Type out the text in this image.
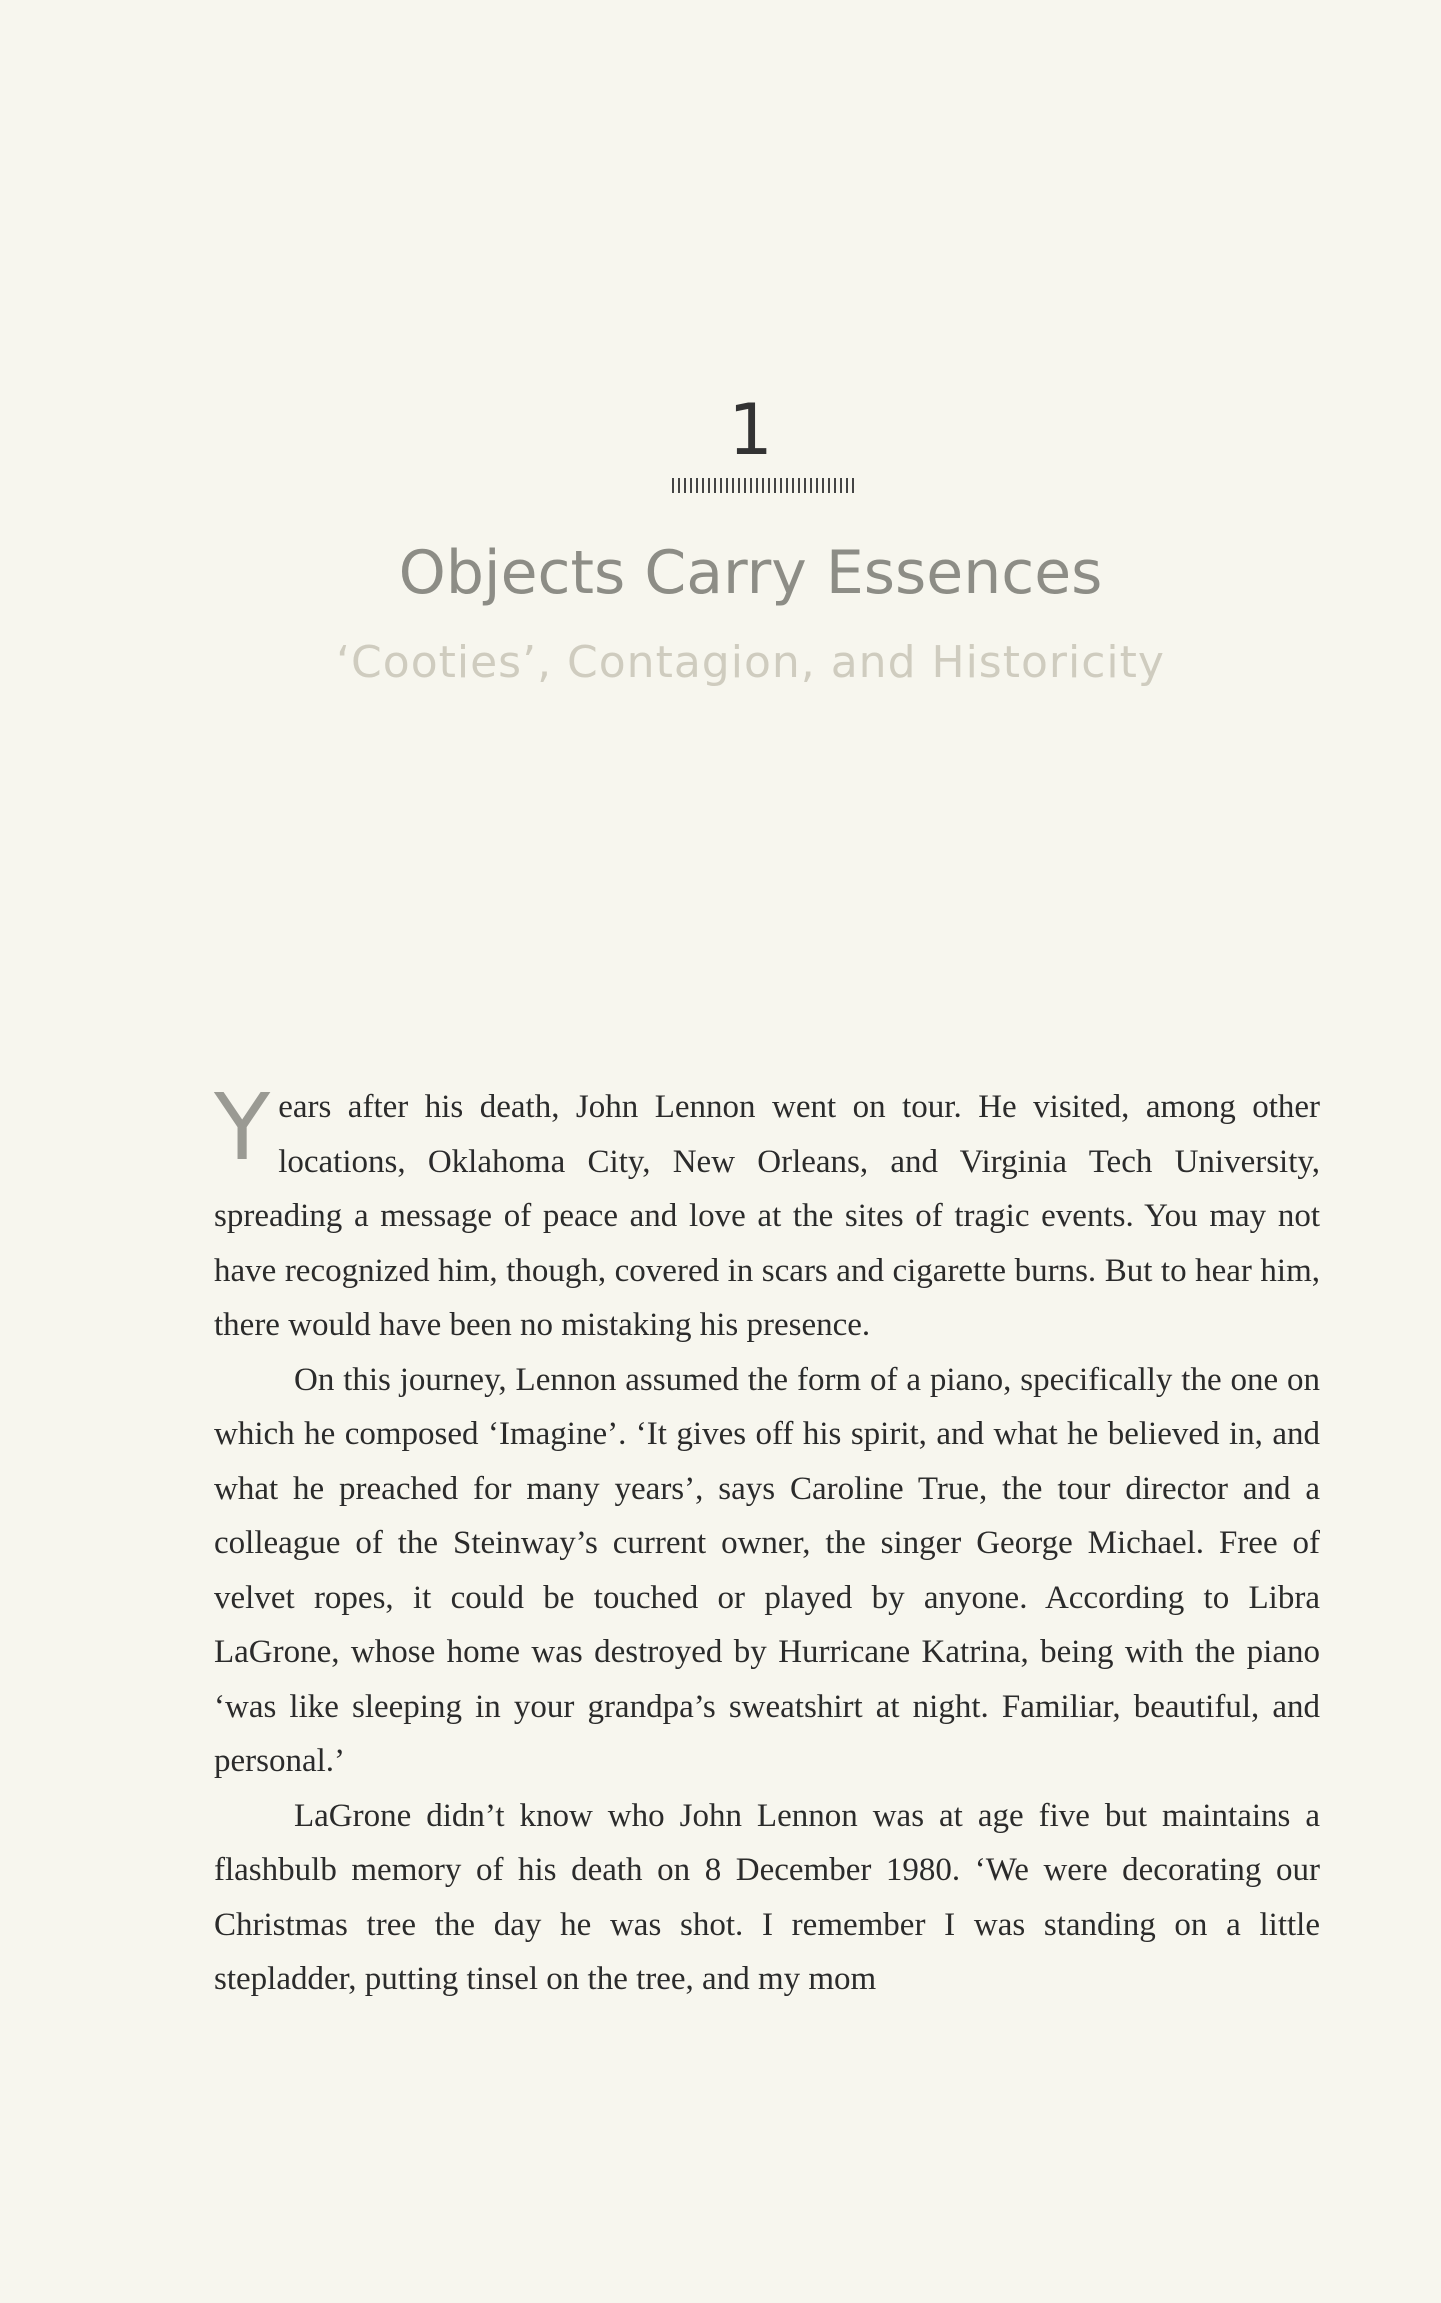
1
Objects Carry Essences
‘Cooties’, Contagion, and Historicity

Years after his death, John Lennon went on tour. He visited, among other locations, Oklahoma City, New Orleans, and Virginia Tech University, spreading a message of peace and love at the sites of tragic events. You may not have recognized him, though, covered in scars and cigarette burns. But to hear him, there would have been no mistaking his presence.

On this journey, Lennon assumed the form of a piano, specifically the one on which he composed ‘Imagine’. ‘It gives off his spirit, and what he believed in, and what he preached for many years’, says Caroline True, the tour director and a colleague of the Steinway’s current owner, the singer George Michael. Free of velvet ropes, it could be touched or played by anyone. According to Libra LaGrone, whose home was destroyed by Hurricane Katrina, being with the piano ‘was like sleeping in your grandpa’s sweatshirt at night. Familiar, beautiful, and personal.’

LaGrone didn’t know who John Lennon was at age five but maintains a flashbulb memory of his death on 8 December 1980. ‘We were decorating our Christmas tree the day he was shot. I remember I was standing on a little stepladder, putting tinsel on the tree, and my mom
